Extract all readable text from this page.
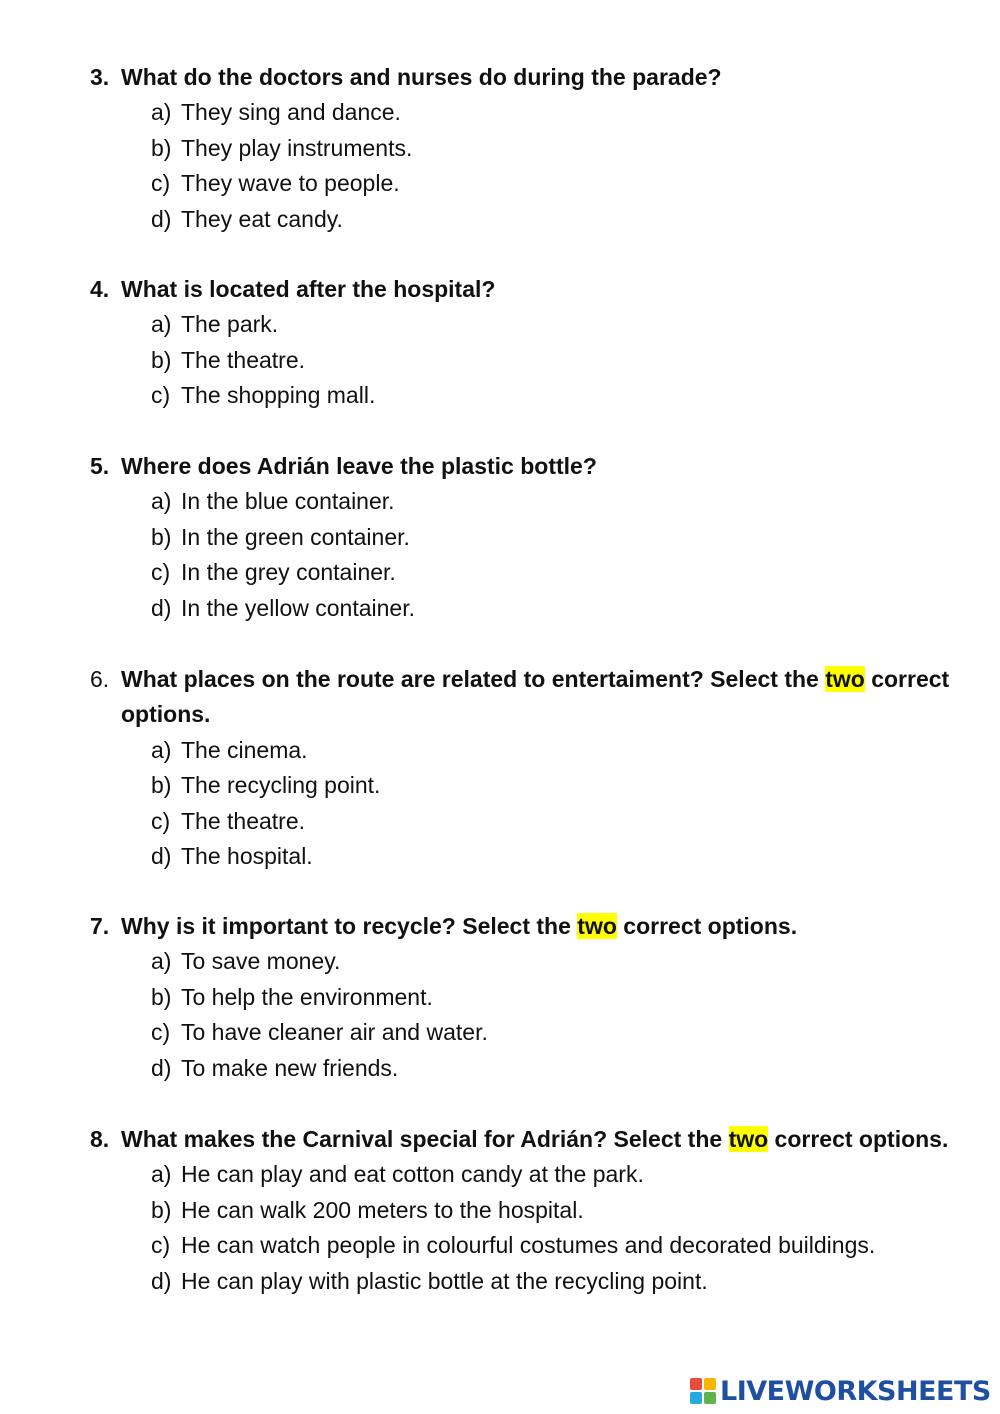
3. What do the doctors and nurses do during the parade?
a) They sing and dance.
b) They play instruments.
c) They wave to people.
d) They eat candy.
4. What is located after the hospital?
a) The park.
b) The theatre.
c) The shopping mall.
5. Where does Adrián leave the plastic bottle?
a) In the blue container.
b) In the green container.
c) In the grey container.
d) In the yellow container.
6. What places on the route are related to entertaiment? Select the two correct options.
a) The cinema.
b) The recycling point.
c) The theatre.
d) The hospital.
7. Why is it important to recycle? Select the two correct options.
a) To save money.
b) To help the environment.
c) To have cleaner air and water.
d) To make new friends.
8. What makes the Carnival special for Adrián? Select the two correct options.
a) He can play and eat cotton candy at the park.
b) He can walk 200 meters to the hospital.
c) He can watch people in colourful costumes and decorated buildings.
d) He can play with plastic bottle at the recycling point.
LIVEWORKSHEETS
